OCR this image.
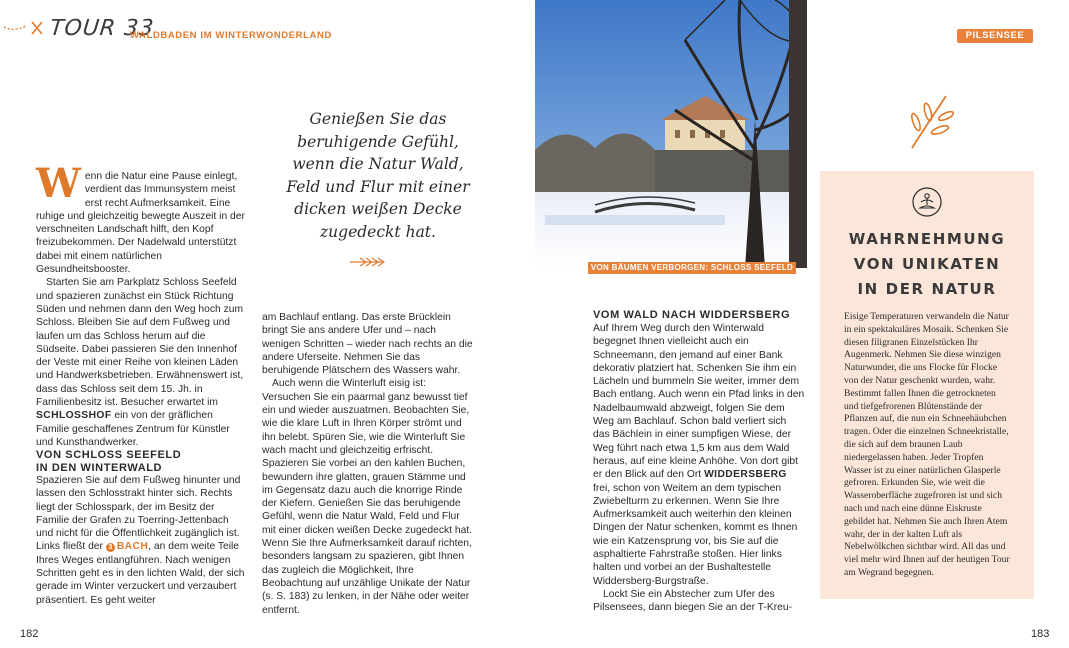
TOUR 33
WALDBADEN IM WINTERWONDERLAND	PILSENSEE

Wenn die Natur eine Pause einlegt, verdient das Immunsystem meist erst recht Aufmerksamkeit. Eine ruhige und gleichzeitig bewegte Auszeit in der verschneiten Landschaft hilft, den Kopf freizubekommen. Der Nadelwald unterstützt dabei mit einem natürlichen Gesundheitsbooster.

Starten Sie am Parkplatz Schloss Seefeld und spazieren zunächst ein Stück Richtung Süden und nehmen dann den Weg hoch zum Schloss. Bleiben Sie auf dem Fußweg und laufen um das Schloss herum auf die Südseite. Dabei passieren Sie den Innenhof der Veste mit einer Reihe von kleinen Läden und Handwerksbetrieben. Erwähnenswert ist, dass das Schloss seit dem 15. Jh. in Familienbesitz ist. Besucher erwartet im SCHLOSSHOF ein von der gräflichen Familie geschaffenes Zentrum für Künstler und Kunsthandwerker.

VON SCHLOSS SEEFELD
IN DEN WINTERWALD

Spazieren Sie auf dem Fußweg hinunter und lassen den Schlosstrakt hinter sich. Rechts liegt der Schlosspark, der im Besitz der Familie der Grafen zu Toerring-Jettenbach und nicht für die Öffentlichkeit zugänglich ist. Links fließt der 3 BACH, an dem weite Teile Ihres Weges entlangführen. Nach wenigen Schritten geht es in den lichten Wald, der sich gerade im Winter verzuckert und verzaubert präsentiert. Es geht weiter

Genießen Sie das
beruhigende Gefühl,
wenn die Natur Wald,
Feld und Flur mit einer
dicken weißen Decke
zugedeckt hat.

am Bachlauf entlang. Das erste Brücklein bringt Sie ans andere Ufer und – nach wenigen Schritten – wieder nach rechts an die andere Uferseite. Nehmen Sie das beruhigende Plätschern des Wassers wahr.

Auch wenn die Winterluft eisig ist: Versuchen Sie ein paarmal ganz bewusst tief ein und wieder auszuatmen. Beobachten Sie, wie die klare Luft in Ihren Körper strömt und ihn belebt. Spüren Sie, wie die Winterluft Sie wach macht und gleichzeitig erfrischt. Spazieren Sie vorbei an den kahlen Buchen, bewundern ihre glatten, grauen Stämme und im Gegensatz dazu auch die knorrige Rinde der Kiefern. Genießen Sie das beruhigende Gefühl, wenn die Natur Wald, Feld und Flur mit einer dicken weißen Decke zugedeckt hat. Wenn Sie Ihre Aufmerksamkeit darauf richten, besonders langsam zu spazieren, gibt Ihnen das zugleich die Möglichkeit, Ihre Beobachtung auf unzählige Unikate der Natur (s. S. 183) zu lenken, in der Nähe oder weiter entfernt.

VON BÄUMEN VERBORGEN: SCHLOSS SEEFELD
VOM WALD NACH WIDDERSBERG

Auf Ihrem Weg durch den Winterwald begegnet Ihnen vielleicht auch ein Schneemann, den jemand auf einer Bank dekorativ platziert hat. Schenken Sie ihm ein Lächeln und bummeln Sie weiter, immer dem Bach entlang. Auch wenn ein Pfad links in den Nadelbaumwald abzweigt, folgen Sie dem Weg am Bachlauf. Schon bald verliert sich das Bächlein in einer sumpfigen Wiese, der Weg führt nach etwa 1,5 km aus dem Wald heraus, auf eine kleine Anhöhe. Von dort gibt er den Blick auf den Ort WIDDERSBERG frei, schon von Weitem an dem typischen Zwiebelturm zu erkennen. Wenn Sie Ihre Aufmerksamkeit auch weiterhin den kleinen Dingen der Natur schenken, kommt es Ihnen wie ein Katzensprung vor, bis Sie auf die asphaltierte Fahrstraße stoßen. Hier links halten und vorbei an der Bushaltestelle Widdersberg-Burgstraße.

Lockt Sie ein Abstecher zum Ufer des Pilsensees, dann biegen Sie an der T-Kreu-

WAHRNEHMUNG
VON UNIKATEN
IN DER NATUR
Eisige Temperaturen verwandeln die Natur in ein spektakuläres Mosaik. Schenken Sie diesen filigranen Einzelstücken Ihr Augenmerk. Nehmen Sie diese winzigen Naturwunder, die uns Flocke für Flocke von der Natur geschenkt wurden, wahr. Bestimmt fallen Ihnen die getrockneten und tiefgefrorenen Blütenstände der Pflanzen auf, die nun ein Schneehäubchen tragen. Oder die einzelnen Schneekristalle, die sich auf dem braunen Laub niedergelassen haben. Jeder Tropfen Wasser ist zu einer natürlichen Glasperle gefroren. Erkunden Sie, wie weit die Wasseroberfläche zugefroren ist und sich nach und nach eine dünne Eiskruste gebildet hat. Nehmen Sie auch Ihren Atem wahr, der in der kalten Luft als Nebelwölkchen sichtbar wird. All das und viel mehr wird Ihnen auf der heutigen Tour am Wegrand begegnen.
182	183
